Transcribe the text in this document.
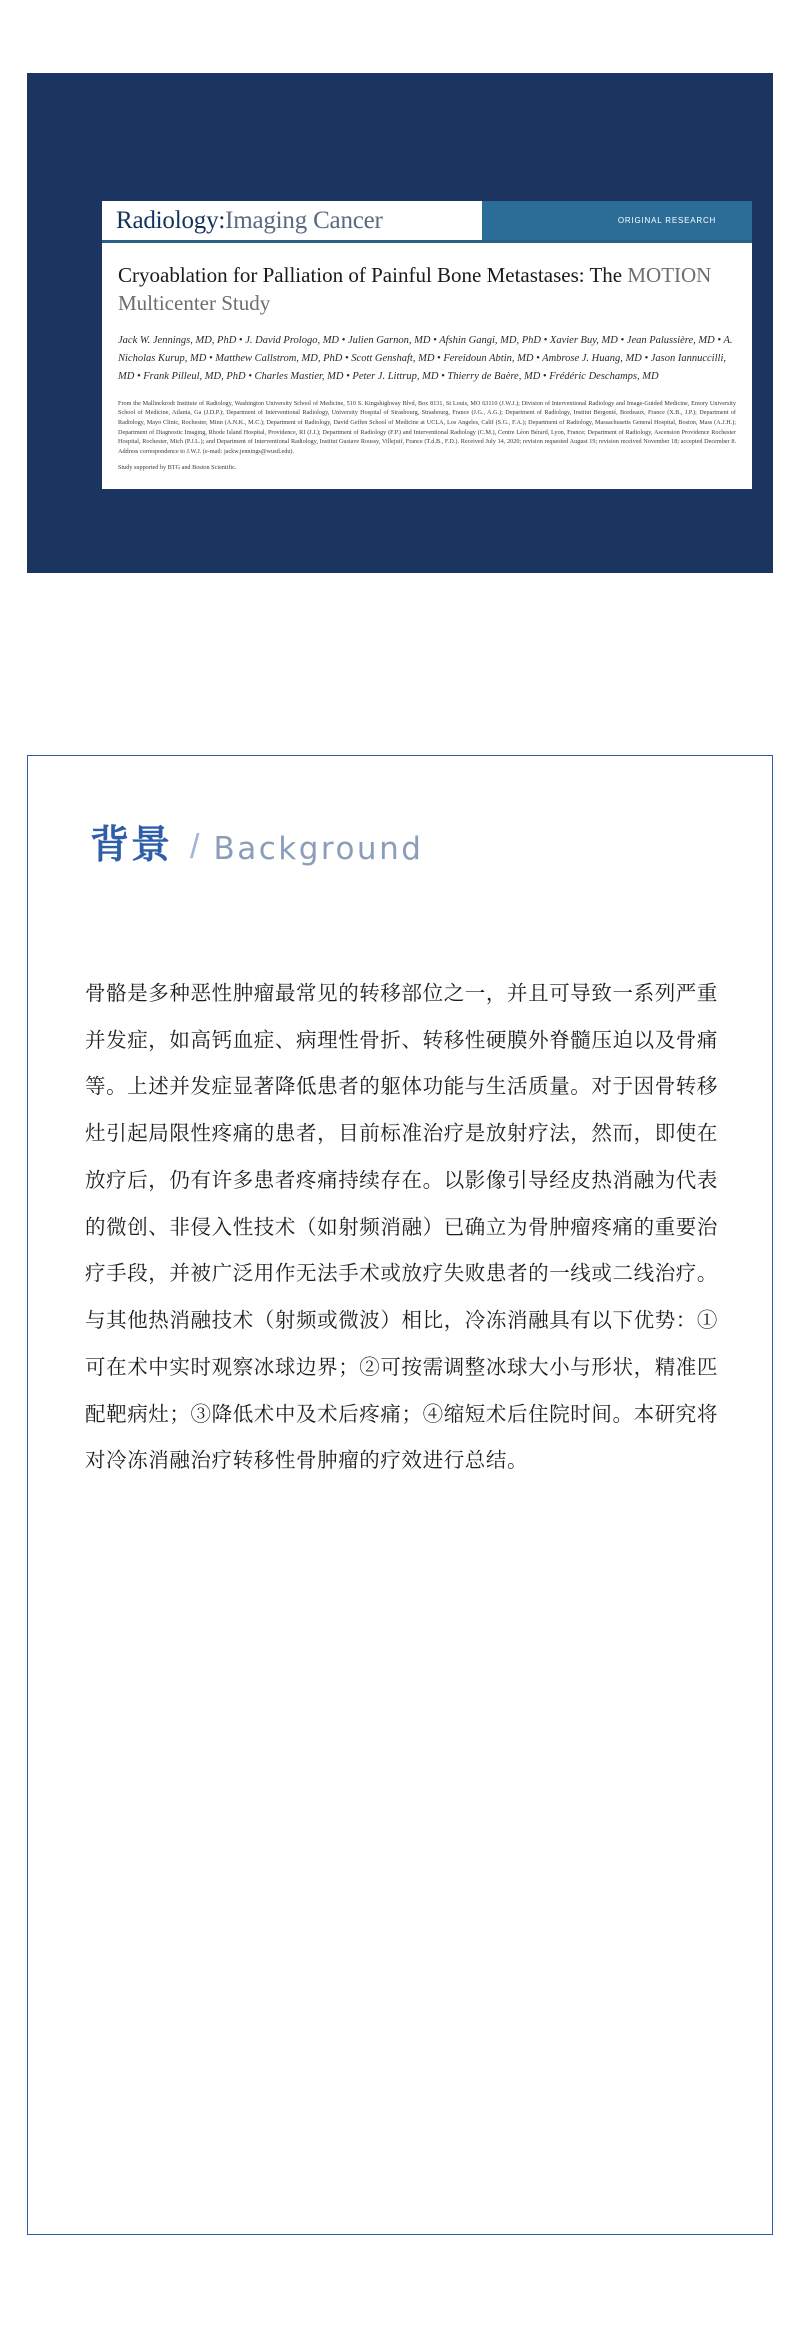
Radiology: Imaging Cancer	ORIGINAL RESEARCH
Cryoablation for Palliation of Painful Bone Metastases: The MOTION Multicenter Study
Jack W. Jennings, MD, PhD • J. David Prologo, MD • Julien Garnon, MD • Afshin Gangi, MD, PhD • Xavier Buy, MD • Jean Palussière, MD • A. Nicholas Kurup, MD • Matthew Callstrom, MD, PhD • Scott Genshaft, MD • Fereidoun Abtin, MD • Ambrose J. Huang, MD • Jason Iannuccilli, MD • Frank Pilleul, MD, PhD • Charles Mastier, MD • Peter J. Littrup, MD • Thierry de Baère, MD • Frédéric Deschamps, MD
From the Mallinckrodt Institute of Radiology, Washington University School of Medicine, 510 S. Kingshighway Blvd, Box 8131, St Louis, MO 63110 (J.W.J.); Division of Interventional Radiology and Image-Guided Medicine, Emory University School of Medicine, Atlanta, Ga (J.D.P.); Department of Interventional Radiology, University Hospital of Strasbourg, Strasbourg, France (J.G., A.G.); Department of Radiology, Institut Bergonié, Bordeaux, France (X.B., J.P.); Department of Radiology, Mayo Clinic, Rochester, Minn (A.N.K., M.C.); Department of Radiology, David Geffen School of Medicine at UCLA, Los Angeles, Calif (S.G., F.A.); Department of Radiology, Massachusetts General Hospital, Boston, Mass (A.J.H.); Department of Diagnostic Imaging, Rhode Island Hospital, Providence, RI (J.I.); Department of Radiology (F.P.) and Interventional Radiology (C.M.), Centre Léon Bérard, Lyon, France; Department of Radiology, Ascension Providence Rochester Hospital, Rochester, Mich (P.J.L.); and Department of Interventional Radiology, Institut Gustave Roussy, Villejuif, France (T.d.B., F.D.). Received July 14, 2020; revision requested August 19; revision received November 18; accepted December 8. Address correspondence to J.W.J. (e-mail: jackw.jennings@wustl.edu).
Study supported by BTG and Boston Scientific.
Radiology: Imaging Cancer 2021; 3(2):e200101. | IF:2.8
背景 / Background
骨骼是多种恶性肿瘤最常见的转移部位之一，并且可导致一系列严重并发症，如高钙血症、病理性骨折、转移性硬膜外脊髓压迫以及骨痛等。上述并发症显著降低患者的躯体功能与生活质量。对于因骨转移灶引起局限性疼痛的患者，目前标准治疗是放射疗法，然而，即使在放疗后，仍有许多患者疼痛持续存在。以影像引导经皮热消融为代表的微创、非侵入性技术（如射频消融）已确立为骨肿瘤疼痛的重要治疗手段，并被广泛用作无法手术或放疗失败患者的一线或二线治疗。与其他热消融技术（射频或微波）相比，冷冻消融具有以下优势：①可在术中实时观察冰球边界；②可按需调整冰球大小与形状，精准匹配靶病灶；③降低术中及术后疼痛；④缩短术后住院时间。本研究将对冷冻消融治疗转移性骨肿瘤的疗效进行总结。
